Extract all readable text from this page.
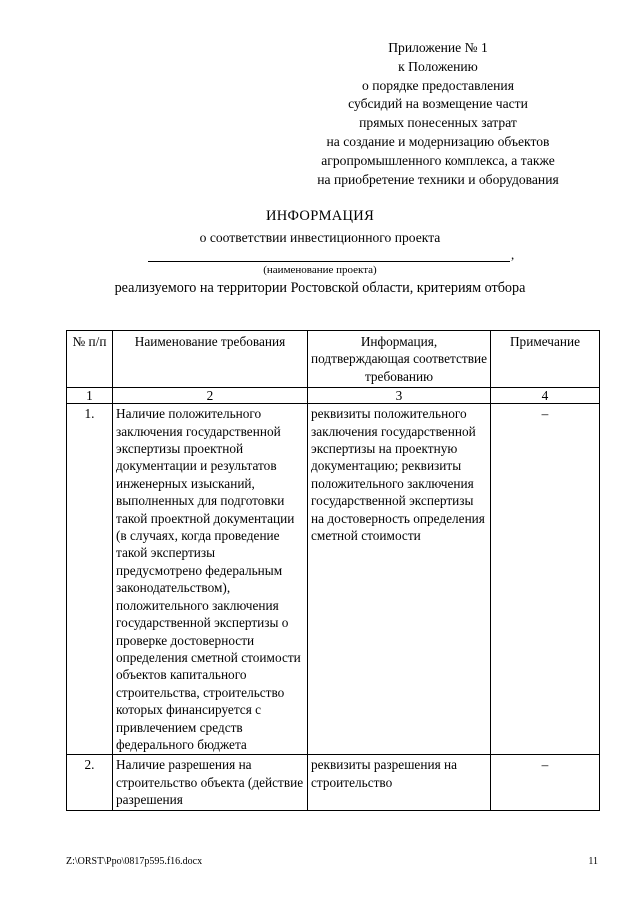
Приложение № 1
к Положению
о порядке предоставления
субсидий на возмещение части
прямых понесенных затрат
на создание и модернизацию объектов
агропромышленного комплекса, а также
на приобретение техники и оборудования
ИНФОРМАЦИЯ
о соответствии инвестиционного проекта
,
(наименование проекта)
реализуемого на территории Ростовской области, критериям отбора
№ п/п	Наименование требования	Информация, подтверждающая соответствие требованию	Примечание
1	2	3	4
1.	Наличие положительного заключения государственной экспертизы проектной документации и результатов инженерных изысканий, выполненных для подготовки такой проектной документации (в случаях, когда проведение такой экспертизы предусмотрено федеральным законодательством), положительного заключения государственной экспертизы о проверке достоверности определения сметной стоимости объектов капитального строительства, строительство которых финансируется с привлечением средств федерального бюджета	реквизиты положительного заключения государственной экспертизы на проектную документацию; реквизиты положительного заключения государственной экспертизы на достоверность определения сметной стоимости	–
2.	Наличие разрешения на строительство объекта (действие разрешения	реквизиты разрешения на строительство	–
Z:\ORST\Ppo\0817p595.f16.docx	11
